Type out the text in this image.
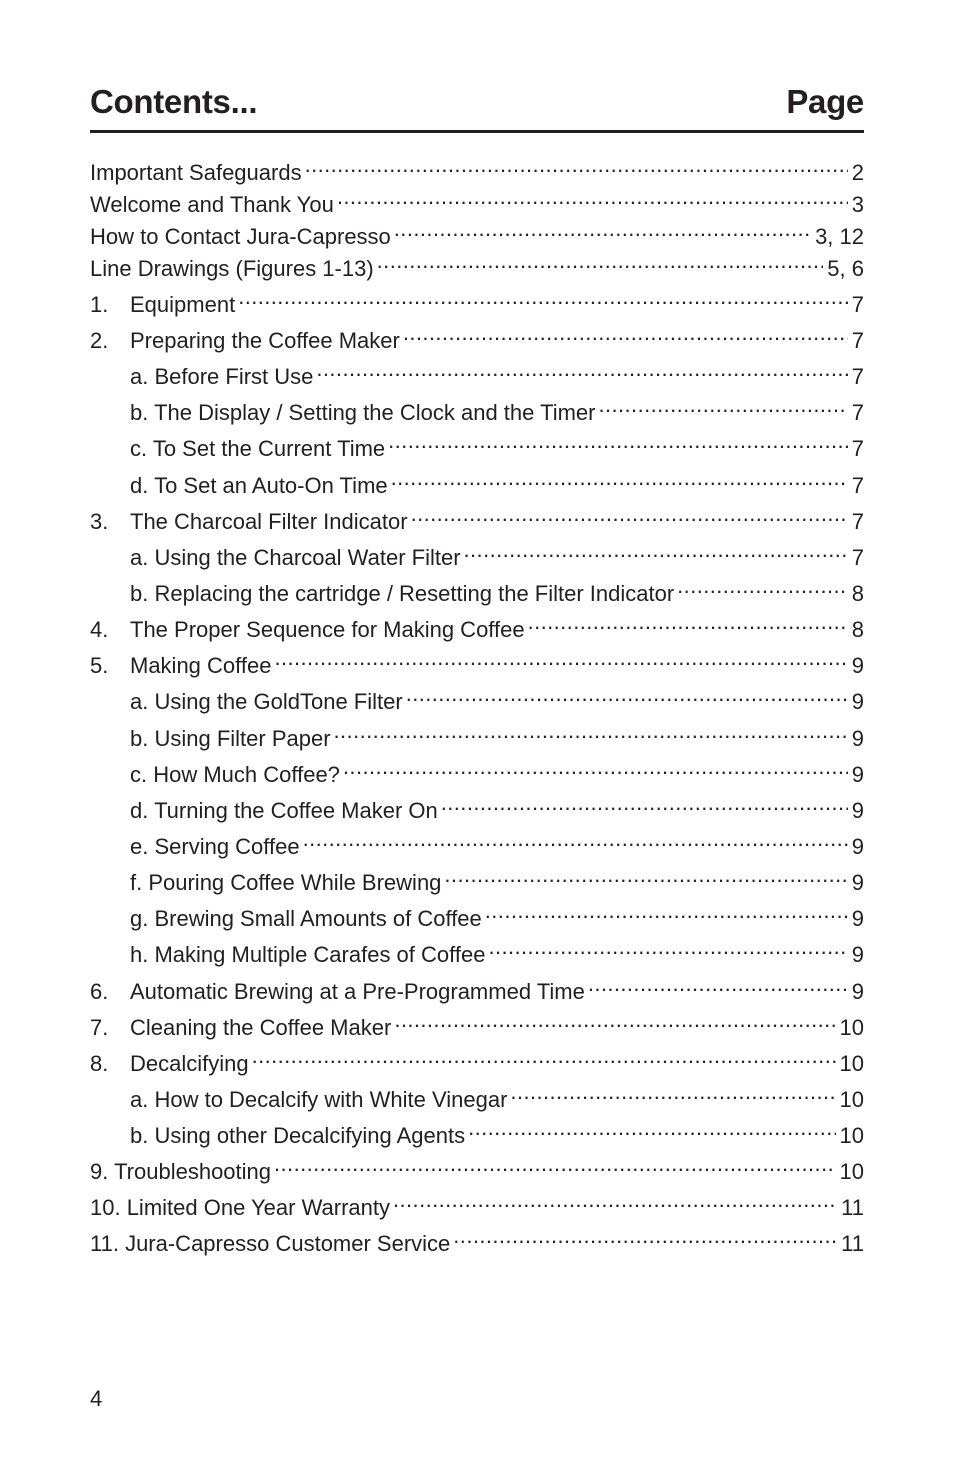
Contents...	Page
Important Safeguards .....	2
Welcome and Thank You .....	3
How to Contact Jura-Capresso .....	3, 12
Line Drawings (Figures 1-13) .....	5, 6
1. Equipment .....	7
2. Preparing the Coffee Maker .....	7
a. Before First Use .....	7
b. The Display / Setting the Clock and the Timer .....	7
c. To Set the Current Time .....	7
d. To Set an Auto-On Time .....	7
3. The Charcoal Filter Indicator .....	7
a. Using the Charcoal Water Filter .....	7
b. Replacing the cartridge / Resetting the Filter Indicator .....	8
4. The Proper Sequence for Making Coffee .....	8
5. Making Coffee .....	9
a. Using the GoldTone Filter .....	9
b. Using Filter Paper .....	9
c. How Much Coffee? .....	9
d. Turning the Coffee Maker On .....	9
e. Serving Coffee .....	9
f. Pouring Coffee While Brewing .....	9
g. Brewing Small Amounts of Coffee .....	9
h. Making Multiple Carafes of Coffee .....	9
6. Automatic Brewing at a Pre-Programmed Time .....	9
7. Cleaning the Coffee Maker .....	10
8. Decalcifying .....	10
a. How to Decalcify with White Vinegar .....	10
b. Using other Decalcifying Agents .....	10
9. Troubleshooting .....	10
10. Limited One Year Warranty .....	11
11. Jura-Capresso Customer Service .....	11
4
